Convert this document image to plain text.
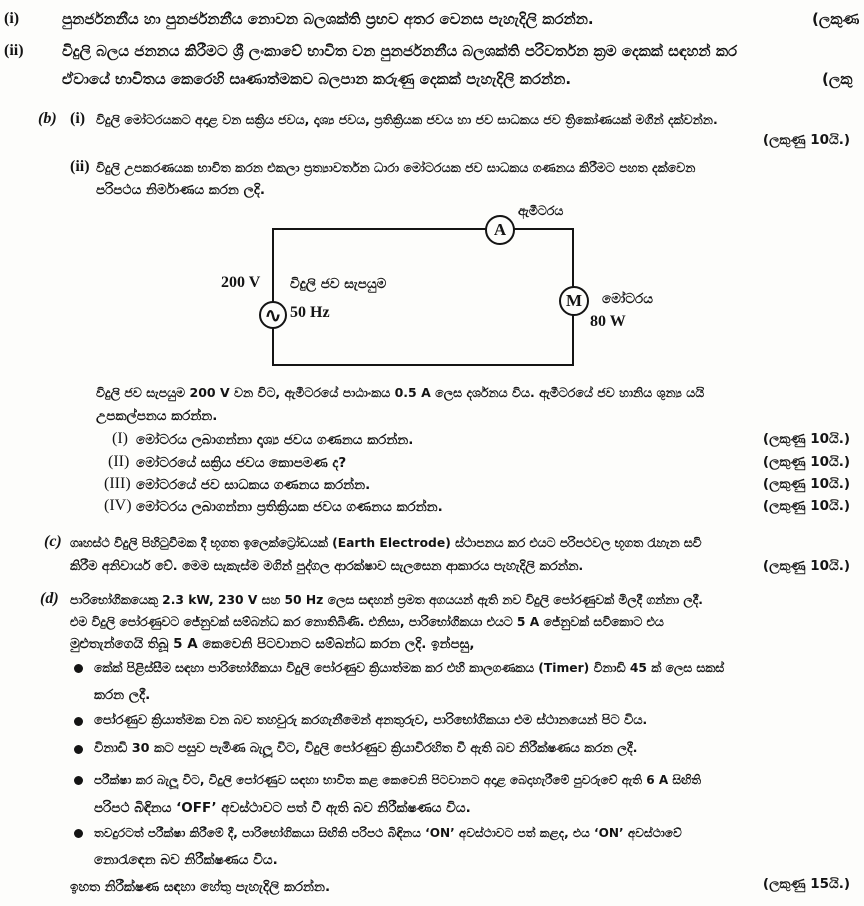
(i)	පුනර්ජනනීය හා පුනර්ජනනීය නොවන බලශක්ති ප්‍රභව අතර වෙනස පැහැදිලි කරන්න.	(ලකුණ
(ii)	විදුලි බලය ජනනය කිරීමට ශ්‍රී ලංකාවේ භාවිත වන පුනර්ජනනීය බලශක්ති පරිවර්තන ක්‍රම දෙකක් සඳහන් කර
ඒවායේ භාවිතය කෙරෙහි සෘණාත්මකව බලපාන කරුණු දෙකක් පැහැදිලි කරන්න.	(ලකු
(b) (i) විදුලි මෝටරයකට අදාළ වන සක්‍රිය ජවය, දෘශ්‍ය ජවය, ප්‍රතික්‍රියක ජවය හා ජව සාධකය ජව ත්‍රිකෝණයක් මගින් දක්වන්න.
(ලකුණු 10යි.)
(ii) විදුලි උපකරණයක භාවිත කරන එකලා ප්‍රත්‍යාවර්තන ධාරා මෝටරයක ජව සාධකය ගණනය කිරීමට පහත දක්වෙන
පරිපථය නිර්මාණය කරන ලදි.
ඇමීටරය
A
200 V විදුලි ජව සැපයුම
∿ 50 Hz
M	මෝටරය
80 W
විදුලි ජව සැපයුම 200 V වන විට, ඇමීටරයේ පාඨාංකය 0.5 A ලෙස දර්ශනය විය. ඇමීටරයේ ජව හානිය ශුන්‍ය යයි
උපකල්පනය කරන්න.
(I) මෝටරය ලබාගන්නා දෘශ්‍ය ජවය ගණනය කරන්න.	(ලකුණු 10යි.)
(II) මෝටරයේ සක්‍රිය ජවය කොපමණ ද?	(ලකුණු 10යි.)
(III) මෝටරයේ ජව සාධකය ගණනය කරන්න.	(ලකුණු 10යි.)
(IV) මෝටරය ලබාගන්නා ප්‍රතික්‍රියක ජවය ගණනය කරන්න.	(ලකුණු 10යි.)
(c) ගෘහස්ථ විදුලි පිහිටුවීමක දී භූගත ඉලෙක්ට්‍රෝඩයක් (Earth Electrode) ස්ථාපනය කර එයට පරිපථවල භූගත රැහැන සවි
කිරීම අනිවාර්ය වේ. මෙම සැකැස්ම මගින් පුද්ගල ආරක්ෂාව සැලසෙන ආකාරය පැහැදිලි කරන්න.	(ලකුණු 10යි.)
(d) පාරිභෝගිකයෙකු 2.3 kW, 230 V සහ 50 Hz ලෙස සඳහන් ප්‍රමත අගයයන් ඇති නව විදුලි පෝරණුවක් මිලදී ගන්නා ලදී.
එම විදුලි පෝරණුවට ජේනුවක් සම්බන්ධ කර නොතිබිණි. එනිසා, පාරිභෝගිකයා එයට 5 A ජේනුවක් සවිකොට එය
මුළුතැන්ගෙයි තිබූ 5 A කෙවෙනි පිටවානට සම්බන්ධ කරන ලදි. ඉන්පසු,
කේක් පිළිස්සීම සඳහා පාරිභෝගිකයා විදුලි පෝරණුව ක්‍රියාත්මක කර එහි කාලගණකය (Timer) විනාඩි 45 ක් ලෙස සකස්
කරන ලදී.
පෝරණුව ක්‍රියාත්මක වන බව තහවුරු කරගැනීමෙන් අනතුරුව, පාරිභෝගිකයා එම ස්ථානයෙන් පිට විය.
විනාඩි 30 කට පසුව පැමිණ බැලූ විට, විදුලි පෝරණුව ක්‍රියාවිරහිත වී ඇති බව නිරීක්ෂණය කරන ලදී.
පරීක්ෂා කර බැලූ විට, විදුලි පෝරණුව සඳහා භාවිත කළ කෙවෙනි පිටවානට අදාළ බෙදාහැරීමේ පුවරුවේ ඇති 6 A සිඟිති
පරිපථ බිඳිනය ‘OFF’ අවස්ථාවට පත් වී ඇති බව නිරීක්ෂණය විය.
තවදුරටත් පරීක්ෂා කිරීමේ දී, පාරිභෝගිකයා සිඟිති පරිපථ බිඳිනය ‘ON’ අවස්ථාවට පත් කළද, එය ‘ON’ අවස්ථාවේ
නොරැඳෙන බව නිරීක්ෂණය විය.
ඉහත නිරීක්ෂණ සඳහා හේතු පැහැදිලි කරන්න.	(ලකුණු 15යි.)
